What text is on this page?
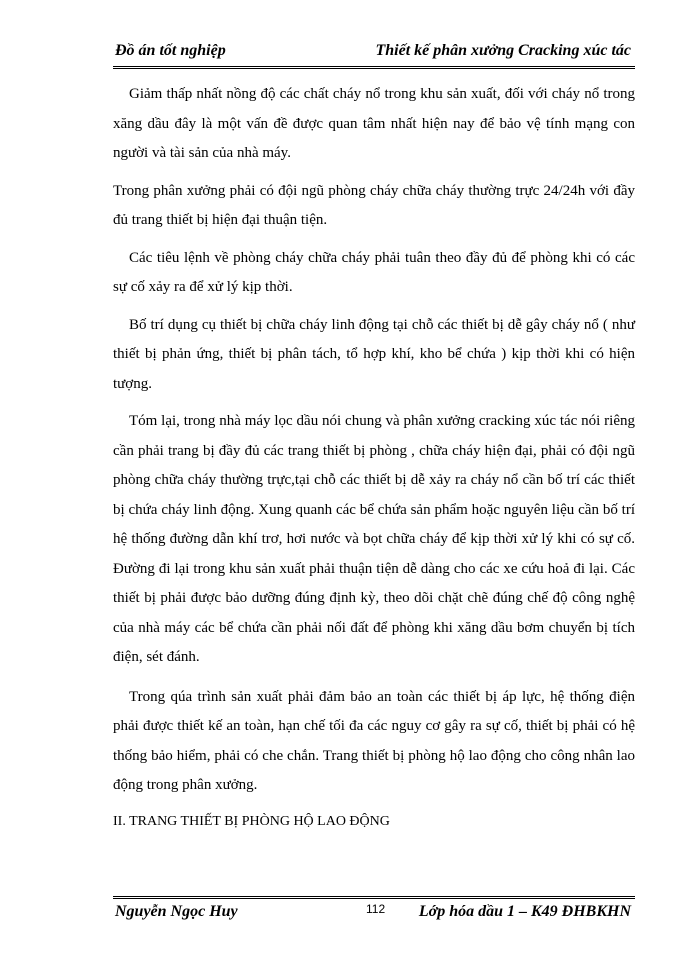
Đồ án tốt nghiệp	Thiết kế phân xưởng Cracking xúc tác

Giảm thấp nhất nồng độ các chất cháy nổ trong khu sản xuất, đối với cháy nổ trong xăng dầu đây là một vấn đề được quan tâm nhất hiện nay để bảo vệ tính mạng con người và tài sản của nhà máy.

Trong phân xưởng phải có đội ngũ phòng cháy chữa cháy thường trực 24/24h với đầy đủ trang thiết bị hiện đại thuận tiện.

Các tiêu lệnh về phòng cháy chữa cháy phải tuân theo đầy đủ để phòng khi có các sự cố xảy ra để xử lý kịp thời.

Bố trí dụng cụ thiết bị chữa cháy linh động tại chỗ các thiết bị dễ gây cháy nổ ( như thiết bị phản ứng, thiết bị phân tách, tổ hợp khí, kho bể chứa ) kịp thời khi có hiện tượng.

Tóm lại, trong nhà máy lọc dầu nói chung và phân xưởng cracking xúc tác nói riêng cần phải trang bị đầy đủ các trang thiết bị phòng , chữa cháy hiện đại, phải có đội ngũ phòng chữa cháy thường trực,tại chỗ các thiết bị dễ xảy ra cháy nổ cần bố trí các thiết bị chứa cháy linh động. Xung quanh các bể chứa sản phẩm hoặc nguyên liệu cần bố trí hệ thống đường dẫn khí trơ, hơi nước và bọt chữa cháy để kịp thời xử lý khi có sự cố. Đường đi lại trong khu sản xuất phải thuận tiện dễ dàng cho các xe cứu hoả đi lại. Các thiết bị phải được bảo dưỡng đúng định kỳ, theo dõi chặt chẽ đúng chế độ công nghệ của nhà máy các bể chứa cần phải nối đất để phòng khi xăng dầu bơm chuyển bị tích điện, sét đánh.

Trong qúa trình sản xuất phải đảm bảo an toàn các thiết bị áp lực, hệ thống điện phải được thiết kế an toàn, hạn chế tối đa các nguy cơ gây ra sự cố, thiết bị phải có hệ thống bảo hiểm, phải có che chắn. Trang thiết bị phòng hộ lao động cho công nhân lao động trong phân xưởng.

II. TRANG THIẾT BỊ PHÒNG HỘ LAO ĐỘNG

Nguyễn Ngọc Huy	112 Lớp hóa dầu 1 – K49 ĐHBKHN
